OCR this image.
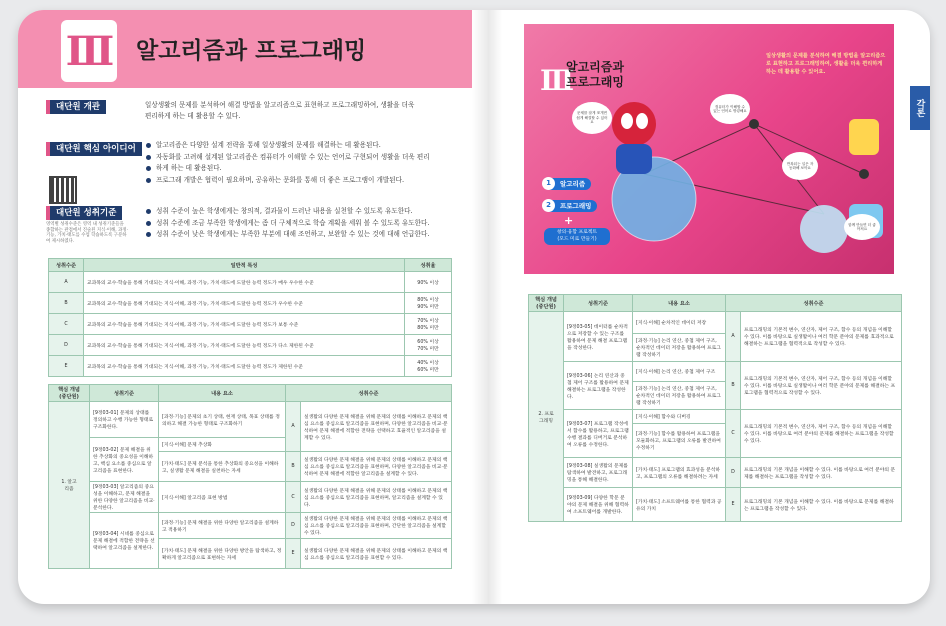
Ⅲ 알고리즘과 프로그래밍
대단원 개관	일상생활의 문제를 분석하여 해결 방법을 알고리즘으로 표현하고 프로그래밍하여, 생활을 더욱
편리하게 하는 데 활용할 수 있다.
대단원 핵심 아이디어	알고리즘은 다양한 설계 전략을 통해 일상생활의 문제를 해결하는 데 활용된다.
자동화를 고려해 설계된 알고리즘은 컴퓨터가 이해할 수 있는 언어로 구현되어 생활을 더욱 편리
하게 하는 데 활용된다.
프로그래 개발은 협력이 필요하며, 공유하는 문화를 통해 더 좋은 프로그램이 개발된다.
대단원 성취기준
영역별 성취수준은 영역 내 성취기준들을 종합하는 관점에서 진술된 지식·이해, 과정·기능, 가치·태도를 수업 학습하도록 구분하여 제시하였다.
성취 수준이 높은 학생에게는 창의적, 결과물이 드러난 내용을 실천할 수 있도록 유도한다.
성취 수준에 조금 부족한 학생에게는 좀 더 구체적으로 학습 계획을 세워 볼 수 있도록 유도한다.
성취 수준이 낮은 학생에게는 부족한 부분에 대해 조언하고, 보완할 수 있는 것에 대해 언급한다.
성취수준	일반적 특성	성취율
A	교과목의 교수·학습을 통해 기대되는 지식·이해, 과정·기능, 가치·태도에 도달한 능력 정도가 매우 우수한 수준	90% 이상
B	교과목의 교수·학습을 통해 기대되는 지식·이해, 과정·기능, 가치·태도에 도달한 능력 정도가 우수한 수준	80% 이상
90% 미만
C	교과목의 교수·학습을 통해 기대되는 지식·이해, 과정·기능, 가치·태도에 도달한 능력 정도가 보통 수준	70% 이상
80% 미만
D	교과목의 교수·학습을 통해 기대되는 지식·이해, 과정·기능, 가치·태도에 도달한 능력 정도가 다소 제한된 수준	60% 이상
70% 미만
E	교과목의 교수·학습을 통해 기대되는 지식·이해, 과정·기능, 가치·태도에 도달한 능력 정도가 제한된 수준	40% 이상
60% 미만
핵심 개념
(중단원)	성취기준	내용 요소	성취수준	
1. 알고
리즘	[9정03-01] 문제의 상태를 정의하고 수행 가능한 형태로 구조화한다.	[과정·기능] 문제의 초기 상태, 현재 상태, 목표 상태를 정의하고 해결 가능한 형태로 구조화하기	A	실생활의 다양한 문제 해결을 위해 문제의 상태를 이해하고 문제의 핵심 요소를 중심으로 알고리즘을 표현하며, 다양한 알고리즘을 비교·분석하여 문제 해결에 적합한 전략을 선택하고 효율적인 알고리즘을 설계할 수 있다.
	[9정03-02] 문제 해결을 위한 추상화의 중요성을 이해하고, 핵심 요소를 중심으로 알고리즘을 표현한다.	[지식·이해] 문제 추상화		
		[가치·태도] 문제 분석을 통한 추상화의 중요성을 이해하고, 실생활 문제 해결을 실천하는 자세	B	실생활의 다양한 문제 해결을 위해 문제의 상태를 이해하고 문제의 핵심 요소를 중심으로 알고리즘을 표현하며, 다양한 알고리즘을 비교·분석하여 문제 해결에 적합한 알고리즘을 설계할 수 있다.
	[9정03-03] 알고리즘의 중요성을 이해하고, 문제 해결을 위한 다양한 알고리즘을 비교·분석한다.	[지식·이해] 알고리즘 표현 방법	C	실생활의 다양한 문제 해결을 위해 문제의 상태를 이해하고 문제의 핵심 요소를 중심으로 알고리즘을 표현하며, 알고리즘을 설계할 수 있다.
	[9정03-04] 시네를 중심으로 문제 해결에 적합한 전략을 선택하여 알고리즘을 설계한다.	[과정·기능] 문제 해결을 위한 다양한 알고리즘을 설계하고 적용하기	D	실생활의 다양한 문제 해결을 위해 문제의 상태를 이해하고 문제의 핵심 요소를 중심으로 알고리즘을 표현하며, 간단한 알고리즘을 설계할 수 있다.
		[가치·태도] 문제 해결을 위한 다양한 방안을 탐색하고, 정확하게 알고리즘으로 표현하는 자세	E	실생활의 다양한 문제 해결을 위해 문제의 상태를 이해하고 문제의 핵심 요소를 중심으로 알고리즘을 표현할 수 있다.
각론
Ⅲ
알고리즘과
프로그래밍
일상생활의 문제를 분석하여 해결 방법을 알고리즘으로 표현하고 프로그래밍하여, 생활을 더욱 편리하게 하는 데 활용할 수 있어요.
문제를 잘게 쪼개면 쉽게 해결할 수 있어요
컴퓨터가 이해할 수 있는 언어로 명령해요
반복되는 일은 자동화해 보아요
함께 만들면 더 좋아져요
1	알고리즘
2	프로그래밍
+
창의·융합 프로젝트
(모드 미로 만들기)
핵심 개념
(중단원)	성취기준	내용 요소	성취수준	
2. 프로
그래밍	[9정03-05] 데이터를 순차적으로 저장할 수 있는 구조를 활용하여 문제 해결 프로그램을 작성한다.	[지식·이해] 순차적인 데이터 저장	A	프로그래밍의 기본적 변수, 연산자, 제어 구조, 함수 등의 개념을 이해할 수 있다. 이를 바탕으로 실생활이나 여러 학문 분야의 문제를 효과적으로 해결하는 프로그램을 협력적으로 작성할 수 있다.
		[과정·기능] 논리 연산, 중첩 제어 구조, 순차적인 데이터 저장을 활용하여 프로그램 작성하기		
	[9정03-06] 논리 연산과 중첩 제어 구조를 활용하여 문제 해결하는 프로그램을 작성한다.	[지식·이해] 논리 연산, 중첩 제어 구조	B	프로그래밍의 기본적 변수, 연산자, 제어 구조, 함수 등의 개념을 이해할 수 있다. 이를 바탕으로 실생활이나 여러 학문 분야의 문제를 해결하는 프로그램을 협력적으로 작성할 수 있다.
		[과정·기능] 논리 연산, 중첩 제어 구조, 순차적인 데이터 저장을 활용하여 프로그램 작성하기		
	[9정03-07] 프로그램 작성에서 함수를 활용하고, 프로그램 수행 결과를 디버거로 분석하여 오류를 수정한다.	[지식·이해] 함수와 디버깅	C	프로그래밍의 기본적 변수, 연산자, 제어 구조, 함수 등의 개념을 이해할 수 있다. 이를 바탕으로 여러 분야의 문제를 해결하는 프로그램을 작성할 수 있다.
		[과정·기능] 함수를 활용하여 프로그램을 모듈화하고, 프로그램의 오류를 발견하여 수정하기		
	[9정03-08] 실생활의 문제를 탐색하여 발견하고, 프로그래밍을 통해 해결한다.	[가치·태도] 프로그램의 효과성을 분석하고, 프로그램의 오류를 해결하려는 자세	D	프로그래밍의 기본 개념을 이해할 수 있다. 이를 바탕으로 여러 분야의 문제를 해결하는 프로그램을 작성할 수 있다.
	[9정03-09] 다양한 학문 분야의 문제 해결을 위해 협력하여 소프트웨어를 개발한다.	[가치·태도] 소프트웨어를 통한 협력과 공유의 가치	E	프로그래밍의 기본 개념을 이해할 수 있다. 이를 바탕으로 문제를 해결하는 프로그램을 작성할 수 있다.
